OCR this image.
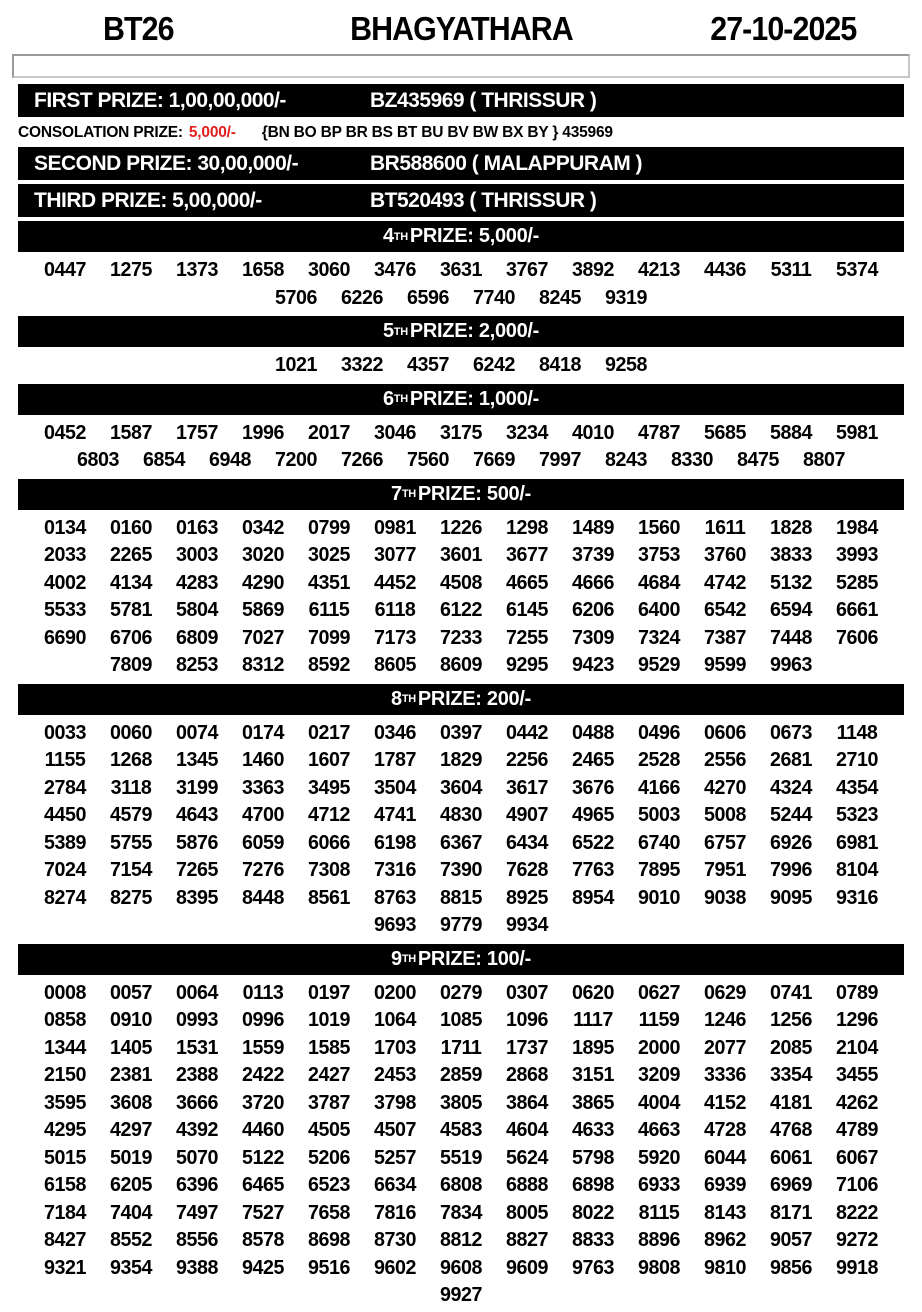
BT26	BHAGYATHARA	27-10-2025
FIRST PRIZE: 1,00,00,000/-	BZ435969 ( THRISSUR )
CONSOLATION PRIZE: 5,000/- {BN BO BP BR BS BT BU BV BW BX BY } 435969
SECOND PRIZE: 30,00,000/-	BR588600 ( MALAPPURAM )
THIRD PRIZE: 5,00,000/-	BT520493 ( THRISSUR )
4 TH PRIZE: 5,000/-
0447	1275	1373	1658	3060	3476	3631	3767	3892	4213	4436	5311	5374
5706	6226	6596	7740	8245	9319
5 TH PRIZE: 2,000/-
1021	3322	4357	6242	8418	9258
6 TH PRIZE: 1,000/-
0452	1587	1757	1996	2017	3046	3175	3234	4010	4787	5685	5884	5981
6803	6854	6948	7200	7266	7560	7669	7997	8243	8330	8475	8807
7 TH PRIZE: 500/-
0134	0160	0163	0342	0799	0981	1226	1298	1489	1560	1611	1828	1984
2033	2265	3003	3020	3025	3077	3601	3677	3739	3753	3760	3833	3993
4002	4134	4283	4290	4351	4452	4508	4665	4666	4684	4742	5132	5285
5533	5781	5804	5869	6115	6118	6122	6145	6206	6400	6542	6594	6661
6690	6706	6809	7027	7099	7173	7233	7255	7309	7324	7387	7448	7606
7809	8253	8312	8592	8605	8609	9295	9423	9529	9599	9963
8 TH PRIZE: 200/-
0033	0060	0074	0174	0217	0346	0397	0442	0488	0496	0606	0673	1148
1155	1268	1345	1460	1607	1787	1829	2256	2465	2528	2556	2681	2710
2784	3118	3199	3363	3495	3504	3604	3617	3676	4166	4270	4324	4354
4450	4579	4643	4700	4712	4741	4830	4907	4965	5003	5008	5244	5323
5389	5755	5876	6059	6066	6198	6367	6434	6522	6740	6757	6926	6981
7024	7154	7265	7276	7308	7316	7390	7628	7763	7895	7951	7996	8104
8274	8275	8395	8448	8561	8763	8815	8925	8954	9010	9038	9095	9316
9693	9779	9934
9 TH PRIZE: 100/-
0008	0057	0064	0113	0197	0200	0279	0307	0620	0627	0629	0741	0789
0858	0910	0993	0996	1019	1064	1085	1096	1117	1159	1246	1256	1296
1344	1405	1531	1559	1585	1703	1711	1737	1895	2000	2077	2085	2104
2150	2381	2388	2422	2427	2453	2859	2868	3151	3209	3336	3354	3455
3595	3608	3666	3720	3787	3798	3805	3864	3865	4004	4152	4181	4262
4295	4297	4392	4460	4505	4507	4583	4604	4633	4663	4728	4768	4789
5015	5019	5070	5122	5206	5257	5519	5624	5798	5920	6044	6061	6067
6158	6205	6396	6465	6523	6634	6808	6888	6898	6933	6939	6969	7106
7184	7404	7497	7527	7658	7816	7834	8005	8022	8115	8143	8171	8222
8427	8552	8556	8578	8698	8730	8812	8827	8833	8896	8962	9057	9272
9321	9354	9388	9425	9516	9602	9608	9609	9763	9808	9810	9856	9918
9927
